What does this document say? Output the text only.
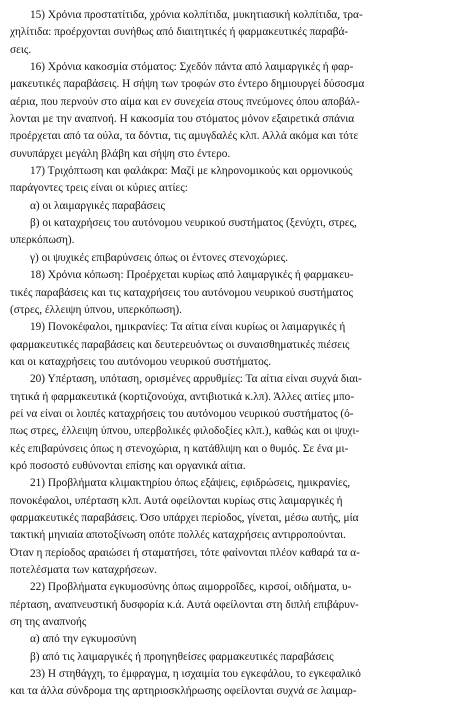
15) Χρόνια προστατίτιδα, χρόνια κολπίτιδα, μυκητιασική κολπίτιδα, τρα-
χηλίτιδα: προέρχονται συνήθως από διαιτητικές ή φαρμακευτικές παραβά-
σεις.
16) Χρόνια κακοσμία στόματος: Σχεδόν πάντα από λαιμαργικές ή φαρ-
μακευτικές παραβάσεις. Η σήψη των τροφών στο έντερο δημιουργεί δύσοσμα
αέρια, που περνούν στο αίμα και εν συνεχεία στους πνεύμονες όπου αποβάλ-
λονται με την αναπνοή. Η κακοσμία του στόματος μόνον εξαιρετικά σπάνια
προέρχεται από τα ούλα, τα δόντια, τις αμυγδαλές κλπ. Αλλά ακόμα και τότε
συνυπάρχει μεγάλη βλάβη και σήψη στο έντερο.
17) Τριχόπτωση και φαλάκρα: Μαζί με κληρονομικούς και ορμονικούς
παράγοντες τρεις είναι οι κύριες αιτίες:
α) οι λαιμαργικές παραβάσεις
β) οι καταχρήσεις του αυτόνομου νευρικού συστήματος (ξενύχτι, στρες,
υπερκόπωση).
γ) οι ψυχικές επιβαρύνσεις όπως οι έντονες στενοχώριες.
18) Χρόνια κόπωση: Προέρχεται κυρίως από λαιμαργικές ή φαρμακευ-
τικές παραβάσεις και τις καταχρήσεις του αυτόνομου νευρικού συστήματος
(στρες, έλλειψη ύπνου, υπερκόπωση).
19) Πονοκέφαλοι, ημικρανίες: Τα αίτια είναι κυρίως οι λαιμαργικές ή
φαρμακευτικές παραβάσεις και δευτερευόντως οι συναισθηματικές πιέσεις
και οι καταχρήσεις του αυτόνομου νευρικού συστήματος.
20) Υπέρταση, υπόταση, ορισμένες αρρυθμίες: Τα αίτια είναι συχνά διαι-
τητικά ή φαρμακευτικά (κορτιζονούχα, αντιβιοτικά κ.λπ). Άλλες αιτίες μπο-
ρεί να είναι οι λοιπές καταχρήσεις του αυτόνομου νευρικού συστήματος (ό-
πως στρες, έλλειψη ύπνου, υπερβολικές φιλοδοξίες κλπ.), καθώς και οι ψυχι-
κές επιβαρύνσεις όπως η στενοχώρια, η κατάθλιψη και ο θυμός. Σε ένα μι-
κρό ποσοστό ευθύνονται επίσης και οργανικά αίτια.
21) Προβλήματα κλιμακτηρίου όπως εξάψεις, εφιδρώσεις, ημικρανίες,
πονοκέφαλοι, υπέρταση κλπ. Αυτά οφείλονται κυρίως στις λαιμαργικές ή
φαρμακευτικές παραβάσεις. Όσο υπάρχει περίοδος, γίνεται, μέσω αυτής, μία
τακτική μηνιαία αποτοξίνωση οπότε πολλές καταχρήσεις αντιρροπούνται.
Όταν η περίοδος αραιώσει ή σταματήσει, τότε φαίνονται πλέον καθαρά τα α-
ποτελέσματα των καταχρήσεων.
22) Προβλήματα εγκυμοσύνης όπως αιμορροΐδες, κιρσοί, οιδήματα, υ-
πέρταση, αναπνευστική δυσφορία κ.ά. Αυτά οφείλονται στη διπλή επιβάρυν-
ση της αναπνοής
α) από την εγκυμοσύνη
β) από τις λαιμαργικές ή προηγηθείσες φαρμακευτικές παραβάσεις
23) Η στηθάγχη, το έμφραγμα, η ισχαιμία του εγκεφάλου, το εγκεφαλικό
και τα άλλα σύνδρομα της αρτηριοσκλήρωσης οφείλονται συχνά σε λαιμαρ-
